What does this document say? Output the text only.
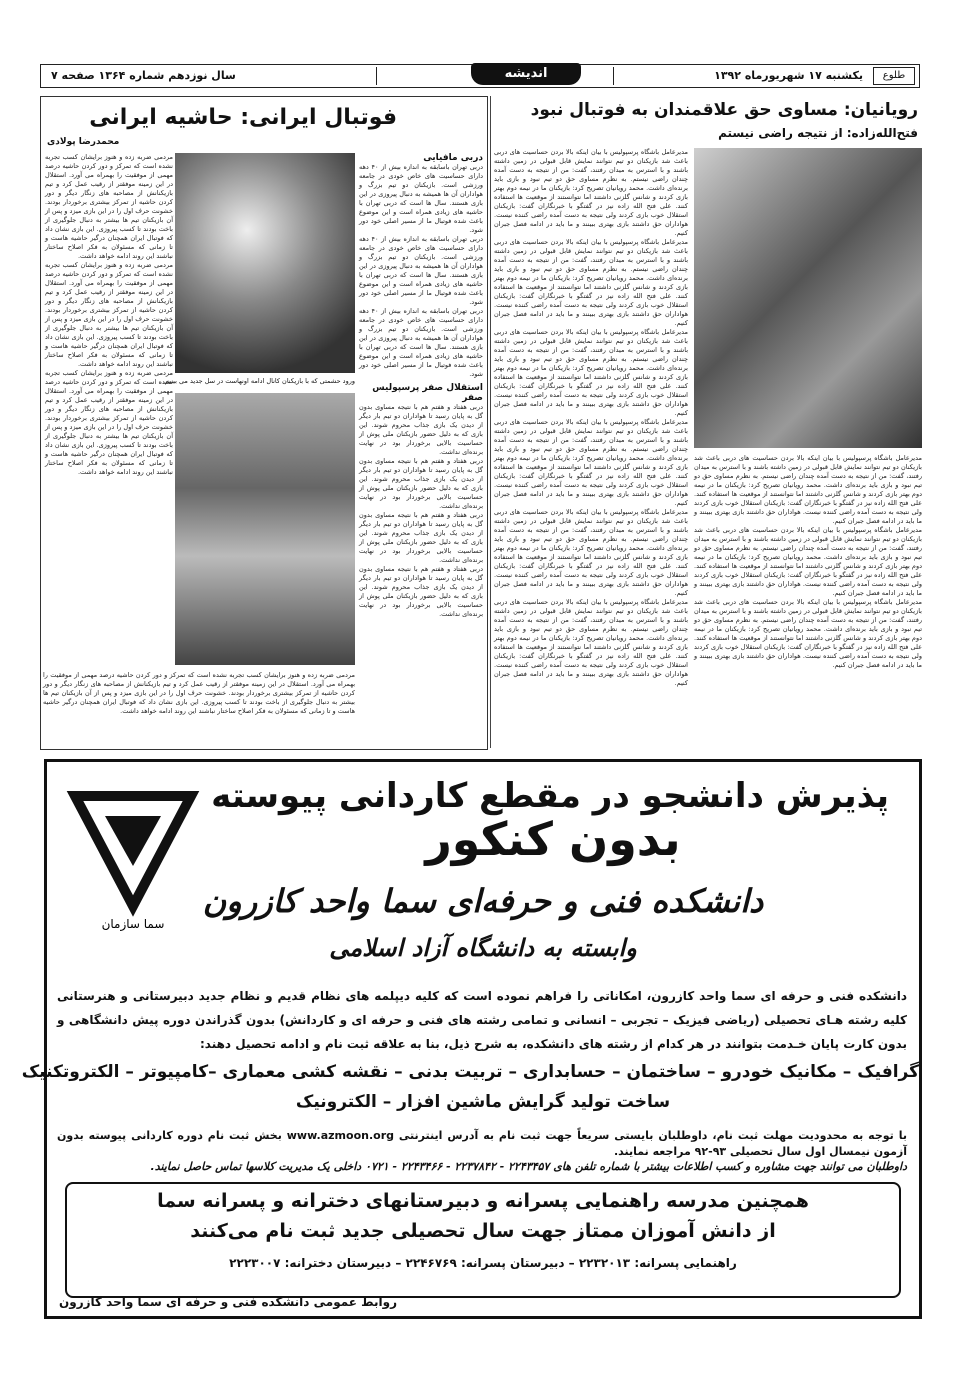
طلوع
یکشنبه ۱۷ شهریورماه ۱۳۹۲
اندیشه
سال نوزدهم شماره ۱۳۶۴ صفحه ۷
رویانیان: مساوی حق علاقمندان به فوتبال نبود
فتح‌الله‌زاده: از نتیجه راضی نیستم

مدیرعامل باشگاه پرسپولیس با بیان اینکه بالا بردن حساسیت های دربی باعث شد بازیکنان دو تیم نتوانند نمایش قابل قبولی در زمین داشته باشند و با استرس به میدان رفتند، گفت: من از نتیجه به دست آمده چندان راضی نیستم. به نظرم مساوی حق دو تیم نبود و بازی باید برنده‌ای داشت. محمد رویانیان تصریح کرد: بازیکنان ما در نیمه دوم بهتر بازی کردند و شانس گلزنی داشتند اما نتوانستند از موقعیت ها استفاده کنند. علی فتح الله زاده نیز در گفتگو با خبرنگاران گفت: بازیکنان استقلال خوب بازی کردند ولی نتیجه به دست آمده راضی کننده نیست. هواداران حق داشتند بازی بهتری ببینند و ما باید در ادامه فصل جبران کنیم.

مدیرعامل باشگاه پرسپولیس با بیان اینکه بالا بردن حساسیت های دربی باعث شد بازیکنان دو تیم نتوانند نمایش قابل قبولی در زمین داشته باشند و با استرس به میدان رفتند، گفت: من از نتیجه به دست آمده چندان راضی نیستم. به نظرم مساوی حق دو تیم نبود و بازی باید برنده‌ای داشت. محمد رویانیان تصریح کرد: بازیکنان ما در نیمه دوم بهتر بازی کردند و شانس گلزنی داشتند اما نتوانستند از موقعیت ها استفاده کنند. علی فتح الله زاده نیز در گفتگو با خبرنگاران گفت: بازیکنان استقلال خوب بازی کردند ولی نتیجه به دست آمده راضی کننده نیست. هواداران حق داشتند بازی بهتری ببینند و ما باید در ادامه فصل جبران کنیم.

مدیرعامل باشگاه پرسپولیس با بیان اینکه بالا بردن حساسیت های دربی باعث شد بازیکنان دو تیم نتوانند نمایش قابل قبولی در زمین داشته باشند و با استرس به میدان رفتند، گفت: من از نتیجه به دست آمده چندان راضی نیستم. به نظرم مساوی حق دو تیم نبود و بازی باید برنده‌ای داشت. محمد رویانیان تصریح کرد: بازیکنان ما در نیمه دوم بهتر بازی کردند و شانس گلزنی داشتند اما نتوانستند از موقعیت ها استفاده کنند. علی فتح الله زاده نیز در گفتگو با خبرنگاران گفت: بازیکنان استقلال خوب بازی کردند ولی نتیجه به دست آمده راضی کننده نیست. هواداران حق داشتند بازی بهتری ببینند و ما باید در ادامه فصل جبران کنیم.

مدیرعامل باشگاه پرسپولیس با بیان اینکه بالا بردن حساسیت های دربی باعث شد بازیکنان دو تیم نتوانند نمایش قابل قبولی در زمین داشته باشند و با استرس به میدان رفتند، گفت: من از نتیجه به دست آمده چندان راضی نیستم. به نظرم مساوی حق دو تیم نبود و بازی باید برنده‌ای داشت. محمد رویانیان تصریح کرد: بازیکنان ما در نیمه دوم بهتر بازی کردند و شانس گلزنی داشتند اما نتوانستند از موقعیت ها استفاده کنند. علی فتح الله زاده نیز در گفتگو با خبرنگاران گفت: بازیکنان استقلال خوب بازی کردند ولی نتیجه به دست آمده راضی کننده نیست. هواداران حق داشتند بازی بهتری ببینند و ما باید در ادامه فصل جبران کنیم.

مدیرعامل باشگاه پرسپولیس با بیان اینکه بالا بردن حساسیت های دربی باعث شد بازیکنان دو تیم نتوانند نمایش قابل قبولی در زمین داشته باشند و با استرس به میدان رفتند، گفت: من از نتیجه به دست آمده چندان راضی نیستم. به نظرم مساوی حق دو تیم نبود و بازی باید برنده‌ای داشت. محمد رویانیان تصریح کرد: بازیکنان ما در نیمه دوم بهتر بازی کردند و شانس گلزنی داشتند اما نتوانستند از موقعیت ها استفاده کنند. علی فتح الله زاده نیز در گفتگو با خبرنگاران گفت: بازیکنان استقلال خوب بازی کردند ولی نتیجه به دست آمده راضی کننده نیست. هواداران حق داشتند بازی بهتری ببینند و ما باید در ادامه فصل جبران کنیم.

مدیرعامل باشگاه پرسپولیس با بیان اینکه بالا بردن حساسیت های دربی باعث شد بازیکنان دو تیم نتوانند نمایش قابل قبولی در زمین داشته باشند و با استرس به میدان رفتند، گفت: من از نتیجه به دست آمده چندان راضی نیستم. به نظرم مساوی حق دو تیم نبود و بازی باید برنده‌ای داشت. محمد رویانیان تصریح کرد: بازیکنان ما در نیمه دوم بهتر بازی کردند و شانس گلزنی داشتند اما نتوانستند از موقعیت ها استفاده کنند. علی فتح الله زاده نیز در گفتگو با خبرنگاران گفت: بازیکنان استقلال خوب بازی کردند ولی نتیجه به دست آمده راضی کننده نیست. هواداران حق داشتند بازی بهتری ببینند و ما باید در ادامه فصل جبران کنیم.

مدیرعامل باشگاه پرسپولیس با بیان اینکه بالا بردن حساسیت های دربی باعث شد بازیکنان دو تیم نتوانند نمایش قابل قبولی در زمین داشته باشند و با استرس به میدان رفتند، گفت: من از نتیجه به دست آمده چندان راضی نیستم. به نظرم مساوی حق دو تیم نبود و بازی باید برنده‌ای داشت. محمد رویانیان تصریح کرد: بازیکنان ما در نیمه دوم بهتر بازی کردند و شانس گلزنی داشتند اما نتوانستند از موقعیت ها استفاده کنند. علی فتح الله زاده نیز در گفتگو با خبرنگاران گفت: بازیکنان استقلال خوب بازی کردند ولی نتیجه به دست آمده راضی کننده نیست. هواداران حق داشتند بازی بهتری ببینند و ما باید در ادامه فصل جبران کنیم.

مدیرعامل باشگاه پرسپولیس با بیان اینکه بالا بردن حساسیت های دربی باعث شد بازیکنان دو تیم نتوانند نمایش قابل قبولی در زمین داشته باشند و با استرس به میدان رفتند، گفت: من از نتیجه به دست آمده چندان راضی نیستم. به نظرم مساوی حق دو تیم نبود و بازی باید برنده‌ای داشت. محمد رویانیان تصریح کرد: بازیکنان ما در نیمه دوم بهتر بازی کردند و شانس گلزنی داشتند اما نتوانستند از موقعیت ها استفاده کنند. علی فتح الله زاده نیز در گفتگو با خبرنگاران گفت: بازیکنان استقلال خوب بازی کردند ولی نتیجه به دست آمده راضی کننده نیست. هواداران حق داشتند بازی بهتری ببینند و ما باید در ادامه فصل جبران کنیم.

مدیرعامل باشگاه پرسپولیس با بیان اینکه بالا بردن حساسیت های دربی باعث شد بازیکنان دو تیم نتوانند نمایش قابل قبولی در زمین داشته باشند و با استرس به میدان رفتند، گفت: من از نتیجه به دست آمده چندان راضی نیستم. به نظرم مساوی حق دو تیم نبود و بازی باید برنده‌ای داشت. محمد رویانیان تصریح کرد: بازیکنان ما در نیمه دوم بهتر بازی کردند و شانس گلزنی داشتند اما نتوانستند از موقعیت ها استفاده کنند. علی فتح الله زاده نیز در گفتگو با خبرنگاران گفت: بازیکنان استقلال خوب بازی کردند ولی نتیجه به دست آمده راضی کننده نیست. هواداران حق داشتند بازی بهتری ببینند و ما باید در ادامه فصل جبران کنیم.

فوتبال ایرانی: حاشیه ایرانی
محمدرضا پولادی
دربی مافیایی

دربی تهران باسابقه به اندازه بیش از ۴۰ دهه دارای حساسیت های خاص خودی در جامعه ورزشی است. بازیکنان دو تیم بزرگ و هواداران آن ها همیشه به دنبال پیروزی در این بازی هستند. سال ها است که دربی تهران با حاشیه های زیادی همراه است و این موضوع باعث شده فوتبال ما از مسیر اصلی خود دور شود.

دربی تهران باسابقه به اندازه بیش از ۴۰ دهه دارای حساسیت های خاص خودی در جامعه ورزشی است. بازیکنان دو تیم بزرگ و هواداران آن ها همیشه به دنبال پیروزی در این بازی هستند. سال ها است که دربی تهران با حاشیه های زیادی همراه است و این موضوع باعث شده فوتبال ما از مسیر اصلی خود دور شود.

دربی تهران باسابقه به اندازه بیش از ۴۰ دهه دارای حساسیت های خاص خودی در جامعه ورزشی است. بازیکنان دو تیم بزرگ و هواداران آن ها همیشه به دنبال پیروزی در این بازی هستند. سال ها است که دربی تهران با حاشیه های زیادی همراه است و این موضوع باعث شده فوتبال ما از مسیر اصلی خود دور شود.

مردمی ضربه زده و هنوز برایشان کسب تجربه نشده است که تمرکز و دور کردن حاشیه درصد مهمی از موفقیت را بهمراه می آورد. استقلال در این زمینه موفقتر از رقیب عمل کرد و تیم بازیکنانش از مصاحبه های زنگار دیگر و دور کردن حاشیه از تمرکز بیشتری برخوردار بودند. خشونت حرف اول را در این بازی میزد و پس از آن بازیکنان تیم ها بیشتر به دنبال جلوگیری از باخت بودند تا کسب پیروزی. این بازی نشان داد که فوتبال ایران همچنان درگیر حاشیه هاست و تا زمانی که مسئولان به فکر اصلاح ساختار نباشند این روند ادامه خواهد داشت.

مردمی ضربه زده و هنوز برایشان کسب تجربه نشده است که تمرکز و دور کردن حاشیه درصد مهمی از موفقیت را بهمراه می آورد. استقلال در این زمینه موفقتر از رقیب عمل کرد و تیم بازیکنانش از مصاحبه های زنگار دیگر و دور کردن حاشیه از تمرکز بیشتری برخوردار بودند. خشونت حرف اول را در این بازی میزد و پس از آن بازیکنان تیم ها بیشتر به دنبال جلوگیری از باخت بودند تا کسب پیروزی. این بازی نشان داد که فوتبال ایران همچنان درگیر حاشیه هاست و تا زمانی که مسئولان به فکر اصلاح ساختار نباشند این روند ادامه خواهد داشت.

مردمی ضربه زده و هنوز برایشان کسب تجربه نشده است که تمرکز و دور کردن حاشیه درصد مهمی از موفقیت را بهمراه می آورد. استقلال در این زمینه موفقتر از رقیب عمل کرد و تیم بازیکنانش از مصاحبه های زنگار دیگر و دور کردن حاشیه از تمرکز بیشتری برخوردار بودند. خشونت حرف اول را در این بازی میزد و پس از آن بازیکنان تیم ها بیشتر به دنبال جلوگیری از باخت بودند تا کسب پیروزی. این بازی نشان داد که فوتبال ایران همچنان درگیر حاشیه هاست و تا زمانی که مسئولان به فکر اصلاح ساختار نباشند این روند ادامه خواهد داشت.

ورود حشمتی که با بازیکنان کانال ادامه اونهاست در سل جدید می بینیم.
استقلال صفر پرسپولیس صفر

دربی هفتاد و هفتم هم با نتیجه مساوی بدون گل به پایان رسید تا هواداران دو تیم بار دیگر از دیدن یک بازی جذاب محروم شوند. این بازی که به دلیل حضور بازیکنان ملی پوش از حساسیت بالایی برخوردار بود در نهایت برنده‌ای نداشت.

دربی هفتاد و هفتم هم با نتیجه مساوی بدون گل به پایان رسید تا هواداران دو تیم بار دیگر از دیدن یک بازی جذاب محروم شوند. این بازی که به دلیل حضور بازیکنان ملی پوش از حساسیت بالایی برخوردار بود در نهایت برنده‌ای نداشت.

دربی هفتاد و هفتم هم با نتیجه مساوی بدون گل به پایان رسید تا هواداران دو تیم بار دیگر از دیدن یک بازی جذاب محروم شوند. این بازی که به دلیل حضور بازیکنان ملی پوش از حساسیت بالایی برخوردار بود در نهایت برنده‌ای نداشت.

دربی هفتاد و هفتم هم با نتیجه مساوی بدون گل به پایان رسید تا هواداران دو تیم بار دیگر از دیدن یک بازی جذاب محروم شوند. این بازی که به دلیل حضور بازیکنان ملی پوش از حساسیت بالایی برخوردار بود در نهایت برنده‌ای نداشت.

مردمی ضربه زده و هنوز برایشان کسب تجربه نشده است که تمرکز و دور کردن حاشیه درصد مهمی از موفقیت را بهمراه می آورد. استقلال در این زمینه موفقتر از رقیب عمل کرد و تیم بازیکنانش از مصاحبه های زنگار دیگر و دور کردن حاشیه از تمرکز بیشتری برخوردار بودند. خشونت حرف اول را در این بازی میزد و پس از آن بازیکنان تیم ها بیشتر به دنبال جلوگیری از باخت بودند تا کسب پیروزی. این بازی نشان داد که فوتبال ایران همچنان درگیر حاشیه هاست و تا زمانی که مسئولان به فکر اصلاح ساختار نباشند این روند ادامه خواهد داشت.

سما سازمان
پذیرش دانشجو در مقطع کاردانی پیوسته
بدون کنکور
دانشکده فنی و حرفه‌ای سما واحد کازرون
وابسته به دانشگاه آزاد اسلامی
دانشکده فنی و حرفه ای سما واحد کازرون، امکاناتی را فراهم نموده است که کلیه دیپلمه های نظام قدیم و نظام جدید دبیرستانی و هنرستانی کلیه رشته هـای تحصیلی (ریاضی فیزیک – تجربی – انسانی و تمامی رشته های فنی و حرفه ای و کاردانش) بدون گذراندن دوره پیش دانشگاهی و بدون کارت پایان خـدمت بتوانند در هر کدام از رشته های دانشکده، به شرح ذیل، بنا به علاقه ثبت نام و ادامه تحصیل دهند:
گرافیک – مکانیک خودرو – ساختمان – حسابداری – تربیت بدنی – نقشه کشی معماری –کامپیوتر – الکتروتکنیک
ساخت تولید گرایش ماشین افزار – الکترونیک
با توجه به محدودیت مهلت ثبت نام، داوطلبان بایستی سریعاً جهت ثبت نام به آدرس اینترنتی www.azmoon.org بخش ثبت نام دوره کاردانی پیوسته بدون آزمون نیمسال اول سال تحصیلی ۹۳-۹۲ مراجعه نمایند.
داوطلبان می توانند جهت مشاوره و کسب اطلاعات بیشتر با شماره تلفن های ۲۲۴۳۴۵۷ - ۲۲۳۷۸۴۲ - ۲۲۴۳۴۶۶ - ۰۷۲۱ داخلی یک مدیریت کلاسها تماس حاصل نمایند.
همچنین مدرسه راهنمایی پسرانه و دبیرستانهای دخترانه و پسرانه سما
از دانش آموزان ممتاز جهت سال تحصیلی جدید ثبت نام می‌کنند
راهنمایی پسرانه: ۲۲۳۲۰۱۳ – دبیرستان پسرانه: ۲۲۴۶۷۶۹ – دبیرستان دخترانه: ۲۲۲۳۰۰۷
روابط عمومی دانشکده فنی و حرفه ای سما واحد کازرون
